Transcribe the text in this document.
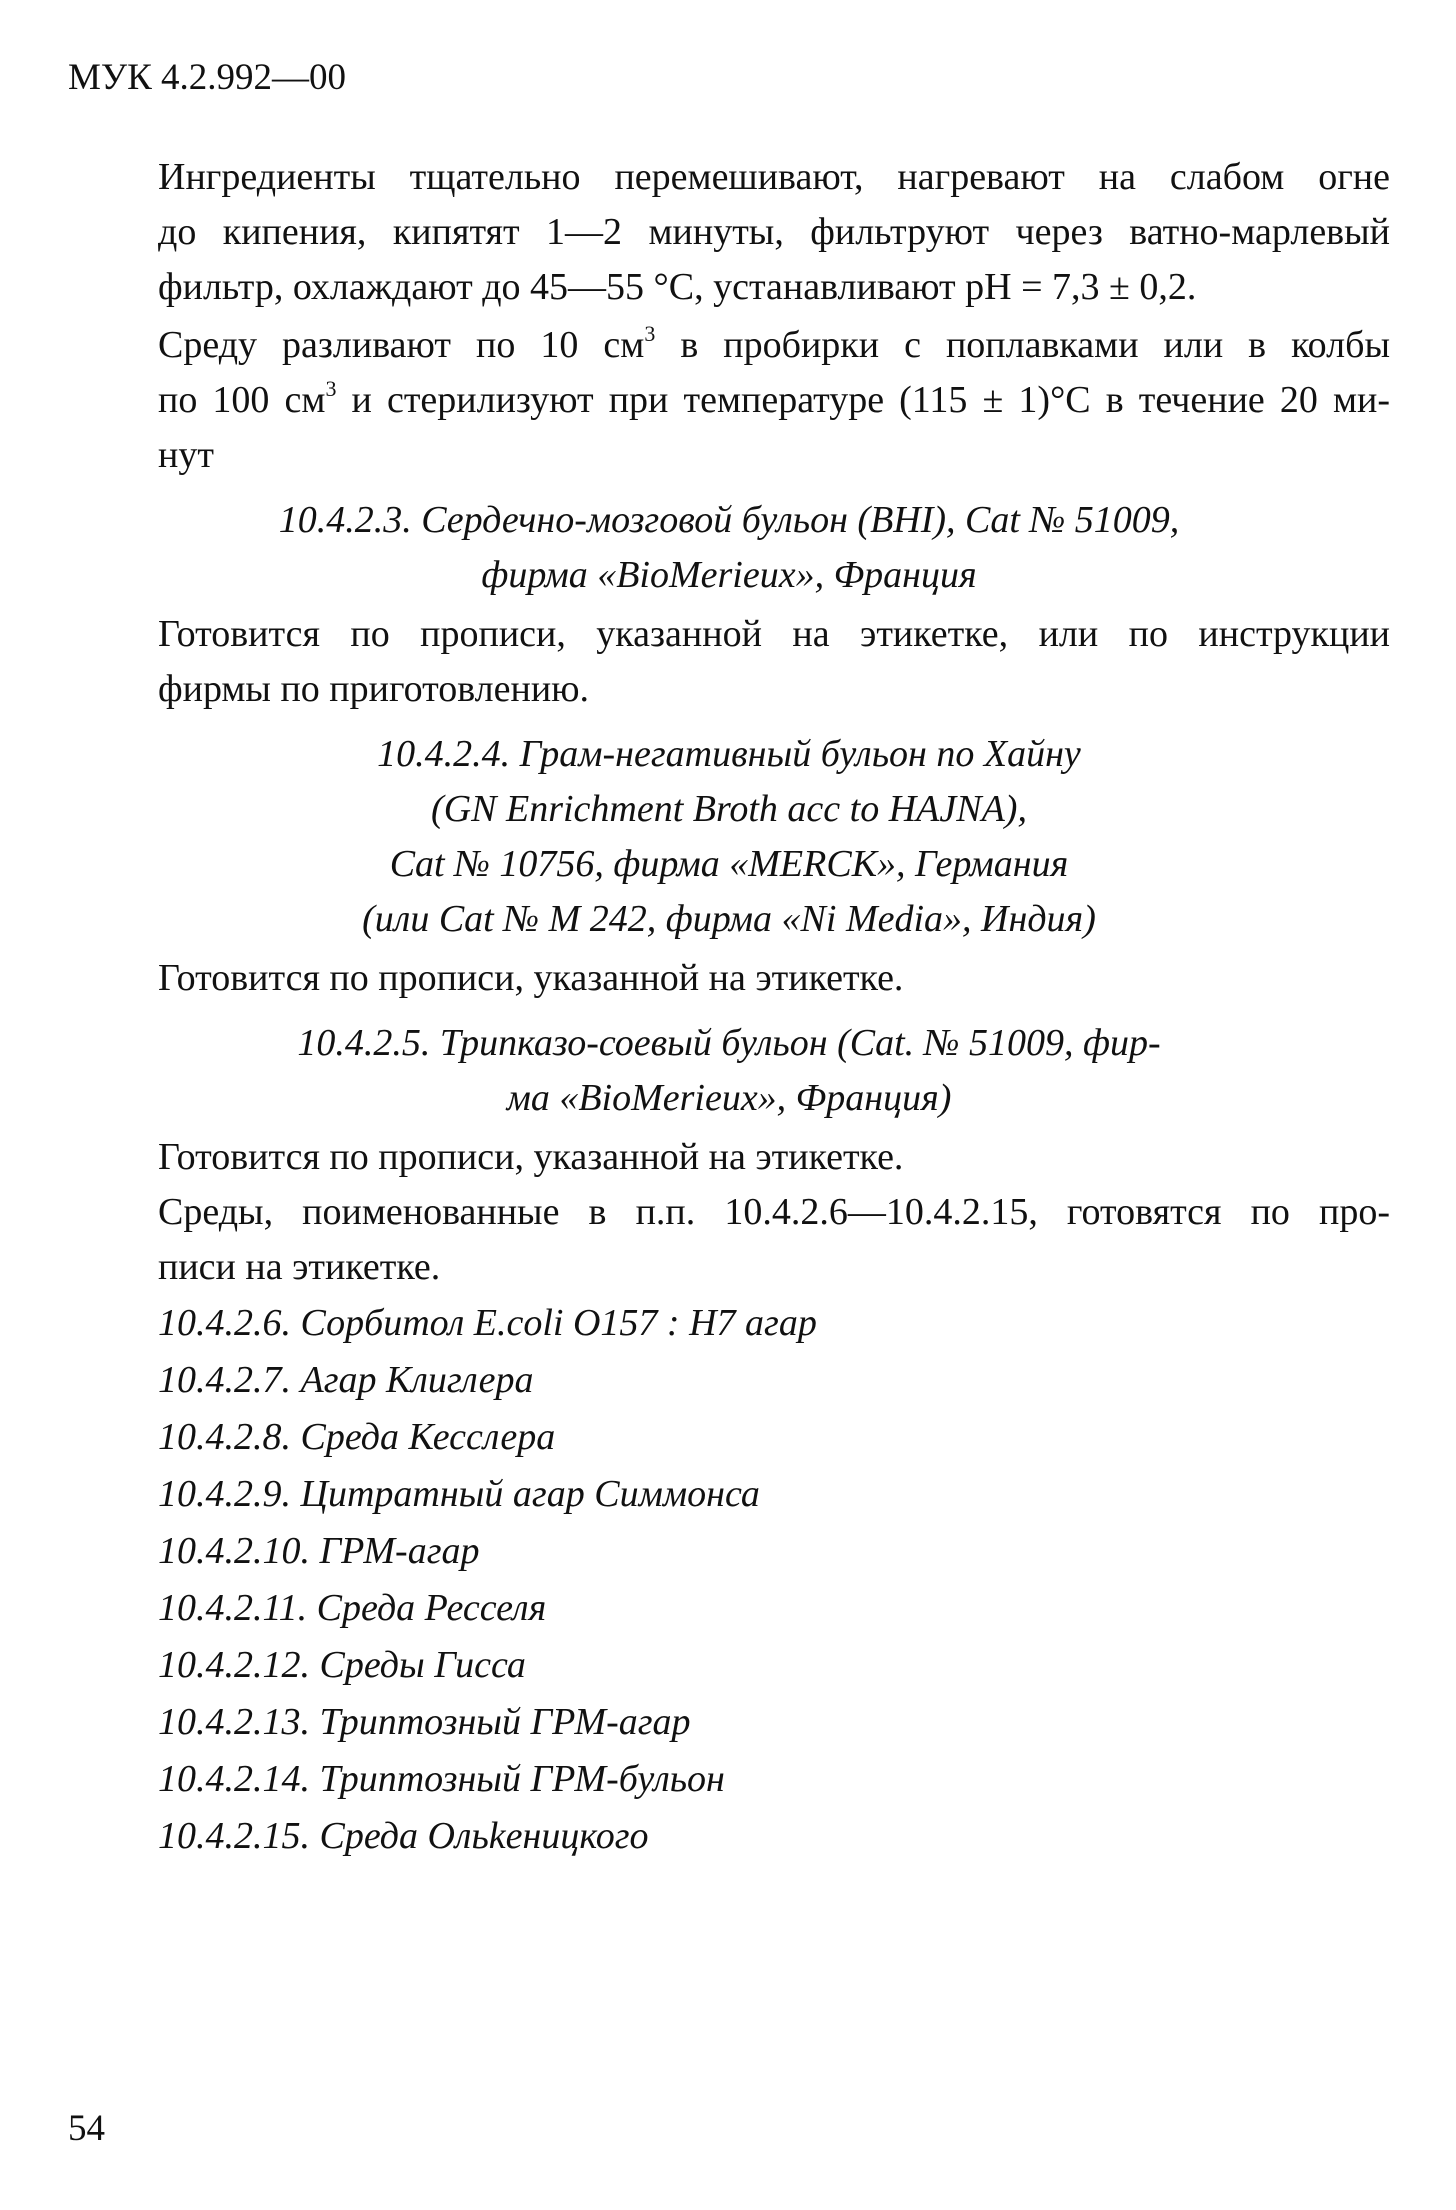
МУК 4.2.992—00

Ингредиенты тщательно перемешивают, нагревают на слабом огне
до кипения, кипятят 1—2 минуты, фильтруют через ватно-марлевый
фильтр, охлаждают до 45—55 °С, устанавливают pH = 7,3 ± 0,2.

Среду разливают по 10 $см^3$ в пробирки с поплавками или в колбы
по 100 $см^3$ и стерилизуют при температуре (115 ± 1)°С в течение 20 ми-
нут

10.4.2.3. Сердечно-мозговой бульон (BHI), Cat № 51009,
фирма «BioMerieux», Франция

Готовится по прописи, указанной на этикетке, или по инструкции
фирмы по приготовлению.

10.4.2.4. Грам-негативный бульон по Хайну
(GN Enrichment Broth acc to HAJNA),
Cat № 10756, фирма «MERCK», Германия
(или Cat № M 242, фирма «Ni Media», Индия)

Готовится по прописи, указанной на этикетке.

10.4.2.5. Трипказо-соевый бульон (Cat. № 51009, фир-
ма «BioMerieux», Франция)

Готовится по прописи, указанной на этикетке.

Среды, поименованные в п.п. 10.4.2.6—10.4.2.15, готовятся по про-
писи на этикетке.

10.4.2.6. Сорбитол E.coli O157 : H7 агар
10.4.2.7. Агар Клиглера
10.4.2.8. Среда Кесслера
10.4.2.9. Цитратный агар Симмонса
10.4.2.10. ГРМ-агар
10.4.2.11. Среда Ресселя
10.4.2.12. Среды Гисса
10.4.2.13. Триптозный ГРМ-агар
10.4.2.14. Триптозный ГРМ-бульон
10.4.2.15. Среда Ольkеницкого
54
